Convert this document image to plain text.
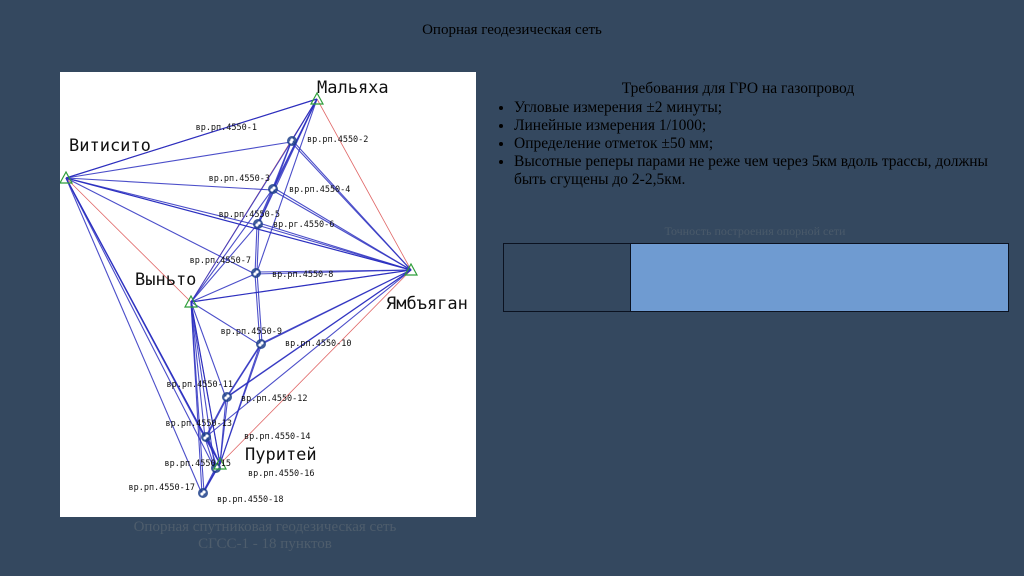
Опорная геодезическая сеть
Мальяха
Витисито
Выньто
Ямбъяган
Пуритей
вр.рп.4550-1
вр.рп.4550-2
вр.рп.4550-3
вр.рп.4550-4
вр.рп.4550-5
вр.рг.4550-6
вр.рп.4550-7
вр.рп.4550-8
вр.рп.4550-9
вр.рп.4550-10
вр.рп.4550-11
вр.рп.4550-12
вр.рп.4550-13
вр.рп.4550-14
вр.рп.4550-15
вр.рп.4550-16
вр.рп.4550-17
вр.рп.4550-18
Опорная спутниковая геодезическая сеть
СГСС-1 - 18 пунктов
Требования для ГРО на газопровод
• Угловые измерения ±2 минуты;
• Линейные измерения 1/1000;
• Определение отметок ±50 мм;
• Высотные реперы парами не реже чем через 5км вдоль трассы, должны быть сгущены до 2-2,5км.
Точность построения опорной сети
